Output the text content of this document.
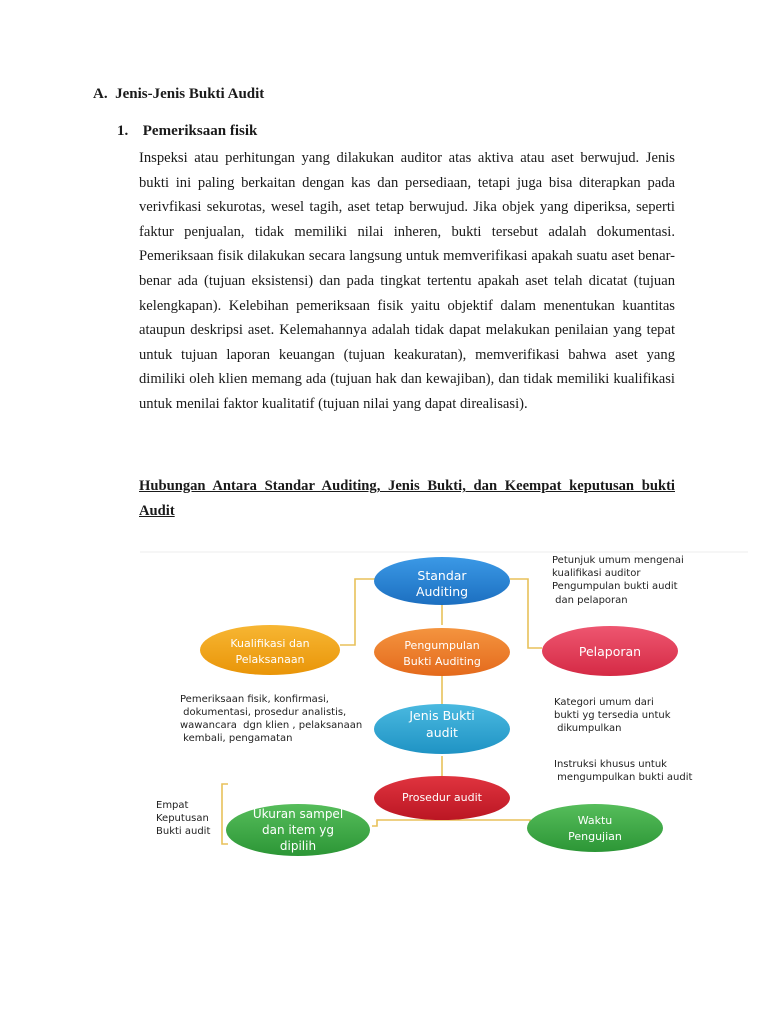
A. Jenis-Jenis Bukti Audit
1. Pemeriksaan fisik

Inspeksi atau perhitungan yang dilakukan auditor atas aktiva atau aset berwujud. Jenis bukti ini paling berkaitan dengan kas dan persediaan, tetapi juga bisa diterapkan pada verivfikasi sekurotas, wesel tagih, aset tetap berwujud. Jika objek yang diperiksa, seperti faktur penjualan, tidak memiliki nilai inheren, bukti tersebut adalah dokumentasi. Pemeriksaan fisik dilakukan secara langsung untuk memverifikasi apakah suatu aset benar-benar ada (tujuan eksistensi) dan pada tingkat tertentu apakah aset telah dicatat (tujuan kelengkapan). Kelebihan pemeriksaan fisik yaitu objektif dalam menentukan kuantitas ataupun deskripsi aset. Kelemahannya adalah tidak dapat melakukan penilaian yang tepat untuk tujuan laporan keuangan (tujuan keakuratan), memverifikasi bahwa aset yang dimiliki oleh klien memang ada (tujuan hak dan kewajiban), dan tidak memiliki kualifikasi untuk menilai faktor kualitatif (tujuan nilai yang dapat direalisasi).

Hubungan Antara Standar Auditing, Jenis Bukti, dan Keempat keputusan bukti Audit
Standar
Auditing
Pengumpulan
Bukti Auditing
Kualifikasi dan
Pelaksanaan
Pelaporan
Jenis Bukti
audit
Prosedur audit
Ukuran sampel
dan item yg
dipilih
Waktu
Pengujian
Petunjuk umum mengenai
kualifikasi auditor
Pengumpulan bukti audit
dan pelaporan
Pemeriksaan fisik, konfirmasi,
dokumentasi, prosedur analistis,
wawancara  dgn klien , pelaksanaan
kembali, pengamatan
Kategori umum dari
bukti yg tersedia untuk
dikumpulkan
Instruksi khusus untuk
mengumpulkan bukti audit
Empat
Keputusan
Bukti audit
